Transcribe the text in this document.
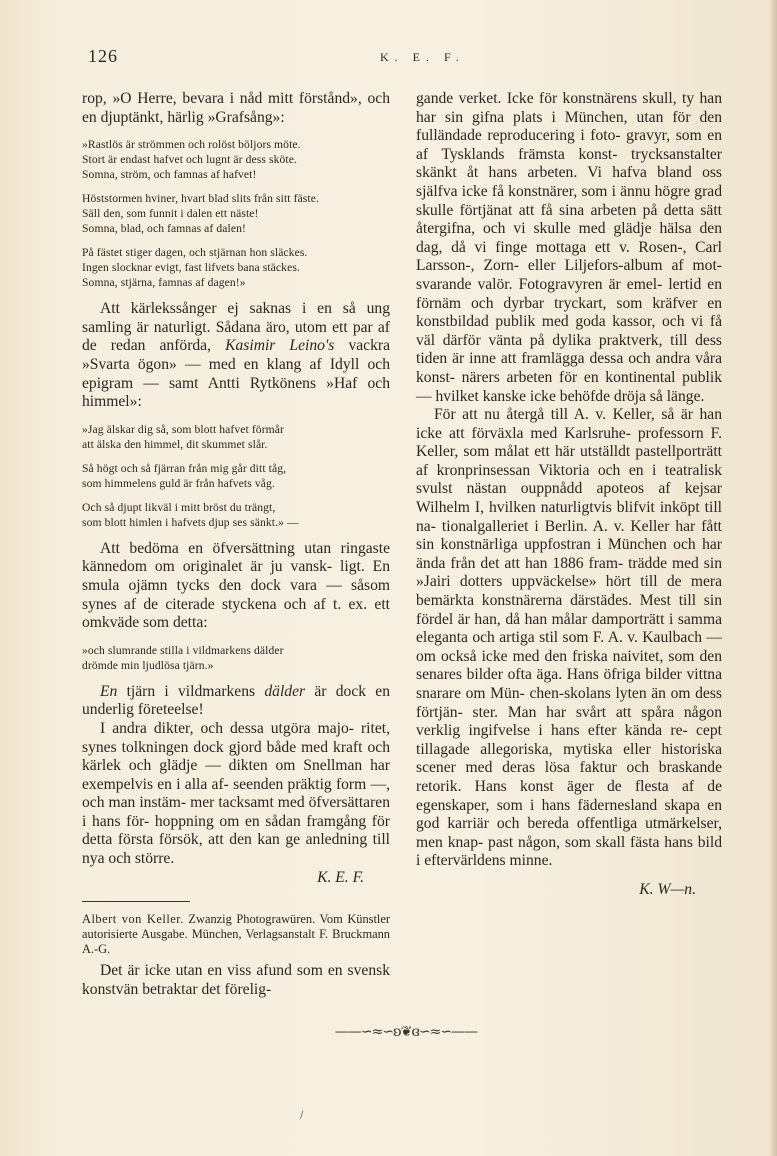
126	K. E. F.

rop, »O Herre, bevara i nåd mitt förstånd», och en djuptänkt, härlig »Grafsång»:

»Rastlös är strömmen och rolöst böljors möte.
Stort är endast hafvet och lugnt är dess sköte.
Somna, ström, och famnas af hafvet!
Höststormen hviner, hvart blad slits från sitt fäste.
Säll den, som funnit i dalen ett näste!
Somna, blad, och famnas af dalen!
På fästet stiger dagen, och stjärnan hon släckes.
Ingen slocknar evigt, fast lifvets bana stäckes.
Somna, stjärna, famnas af dagen!»

Att kärlekssånger ej saknas i en så ung samling är naturligt. Sådana äro, utom ett par af de redan anförda, Kasimir Leino's vackra »Svarta ögon» — med en klang af Idyll och epigram — samt Antti Rytkönens »Haf och himmel»:

»Jag älskar dig så, som blott hafvet förmår
att älska den himmel, dit skummet slår.
Så högt och så fjärran från mig går ditt tåg,
som himmelens guld är från hafvets våg.
Och så djupt likväl i mitt bröst du trängt,
som blott himlen i hafvets djup ses sänkt.» —

Att bedöma en öfversättning utan ringaste kännedom om originalet är ju vansk- ligt. En smula ojämn tycks den dock vara — såsom synes af de citerade styckena och af t. ex. ett omkväde som detta:

»och slumrande stilla i vildmarkens dälder
drömde min ljudlösa tjärn.»

En tjärn i vildmarkens dälder är dock en underlig företeelse!

I andra dikter, och dessa utgöra majo- ritet, synes tolkningen dock gjord både med kraft och kärlek och glädje — dikten om Snellman har exempelvis en i alla af- seenden präktig form —, och man instäm- mer tacksamt med öfversättaren i hans för- hoppning om en sådan framgång för detta första försök, att den kan ge anledning till nya och större.

K. E. F.

Albert von Keller. Zwanzig Photograwüren. Vom Künstler autorisierte Ausgabe. München, Verlagsanstalt F. Bruckmann A.-G.

Det är icke utan en viss afund som en svensk konstvän betraktar det förelig-

gande verket. Icke för konstnärens skull, ty han har sin gifna plats i München, utan för den fulländade reproducering i foto- gravyr, som en af Tysklands främsta konst- trycksanstalter skänkt åt hans arbeten. Vi hafva bland oss själfva icke få konstnärer, som i ännu högre grad skulle förtjänat att få sina arbeten på detta sätt återgifna, och vi skulle med glädje hälsa den dag, då vi finge mottaga ett v. Rosen-, Carl Larsson-, Zorn- eller Liljefors-album af mot- svarande valör. Fotogravyren är emel- lertid en förnäm och dyrbar tryckart, som kräfver en konstbildad publik med goda kassor, och vi få väl därför vänta på dylika praktverk, till dess tiden är inne att framlägga dessa och andra våra konst- närers arbeten för en kontinental publik — hvilket kanske icke behöfde dröja så länge.

För att nu återgå till A. v. Keller, så är han icke att förväxla med Karlsruhe- professorn F. Keller, som målat ett här utställdt pastellporträtt af kronprinsessan Viktoria och en i teatralisk svulst nästan ouppnådd apoteos af kejsar Wilhelm I, hvilken naturligtvis blifvit inköpt till na- tionalgalleriet i Berlin. A. v. Keller har fått sin konstnärliga uppfostran i München och har ända från det att han 1886 fram- trädde med sin »Jairi dotters uppväckelse» hört till de mera bemärkta konstnärerna därstädes. Mest till sin fördel är han, då han målar damporträtt i samma eleganta och artiga stil som F. A. v. Kaulbach — om också icke med den friska naivitet, som den senares bilder ofta äga. Hans öfriga bilder vittna snarare om Mün- chen-skolans lyten än om dess förtjän- ster. Man har svårt att spåra någon verklig ingifvelse i hans efter kända re- cept tillagade allegoriska, mytiska eller historiska scener med deras lösa faktur och braskande retorik. Hans konst äger de flesta af de egenskaper, som i hans fädernesland skapa en god karriär och bereda offentliga utmärkelser, men knap- past någon, som skall fästa hans bild i eftervärldens minne.

K. W—n.

——∽≈∽ʚ❦ɞ∽≈∽——
/
